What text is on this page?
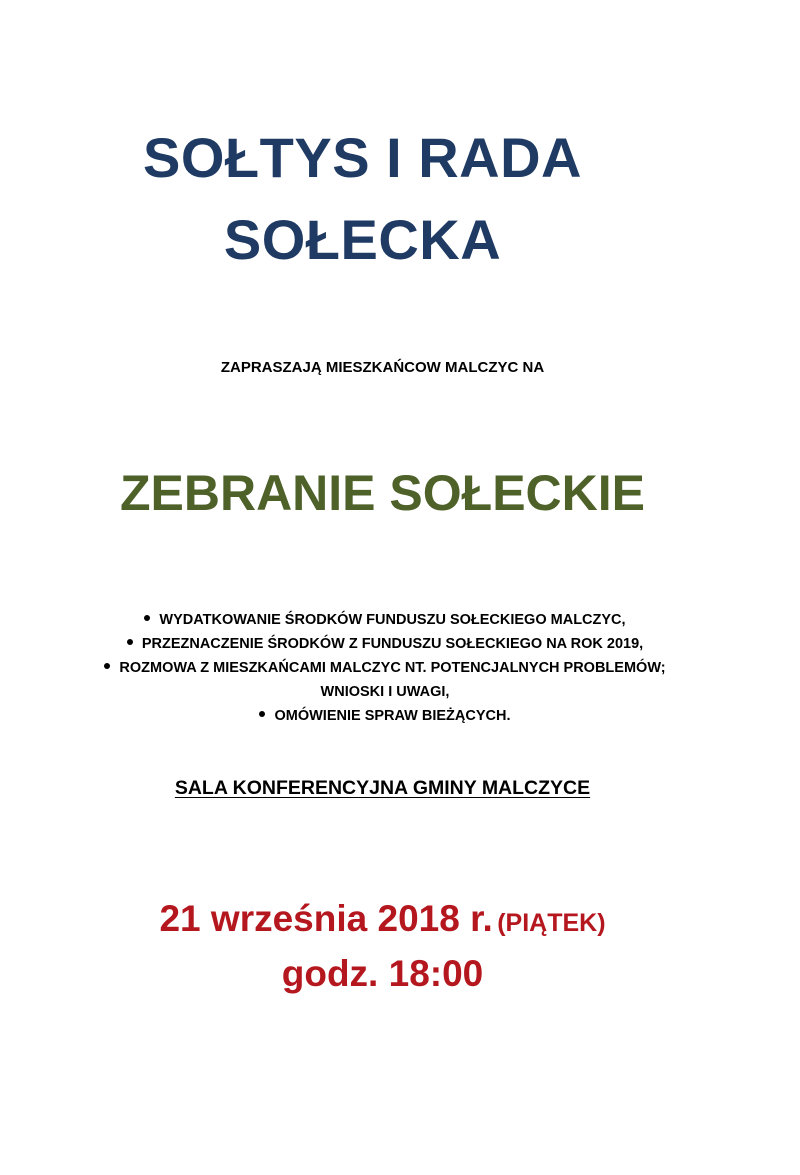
SOŁTYS I RADA
SOŁECKA
ZAPRASZAJĄ MIESZKAŃCOW MALCZYC NA
ZEBRANIE SOŁECKIE
WYDATKOWANIE ŚRODKÓW FUNDUSZU SOŁECKIEGO MALCZYC,
PRZEZNACZENIE ŚRODKÓW Z FUNDUSZU SOŁECKIEGO NA ROK 2019,
ROZMOWA Z MIESZKAŃCAMI MALCZYC NT. POTENCJALNYCH PROBLEMÓW;
WNIOSKI I UWAGI,
OMÓWIENIE SPRAW BIEŻĄCYCH.
SALA KONFERENCYJNA GMINY MALCZYCE
21 września 2018 r. (PIĄTEK)
godz. 18:00
